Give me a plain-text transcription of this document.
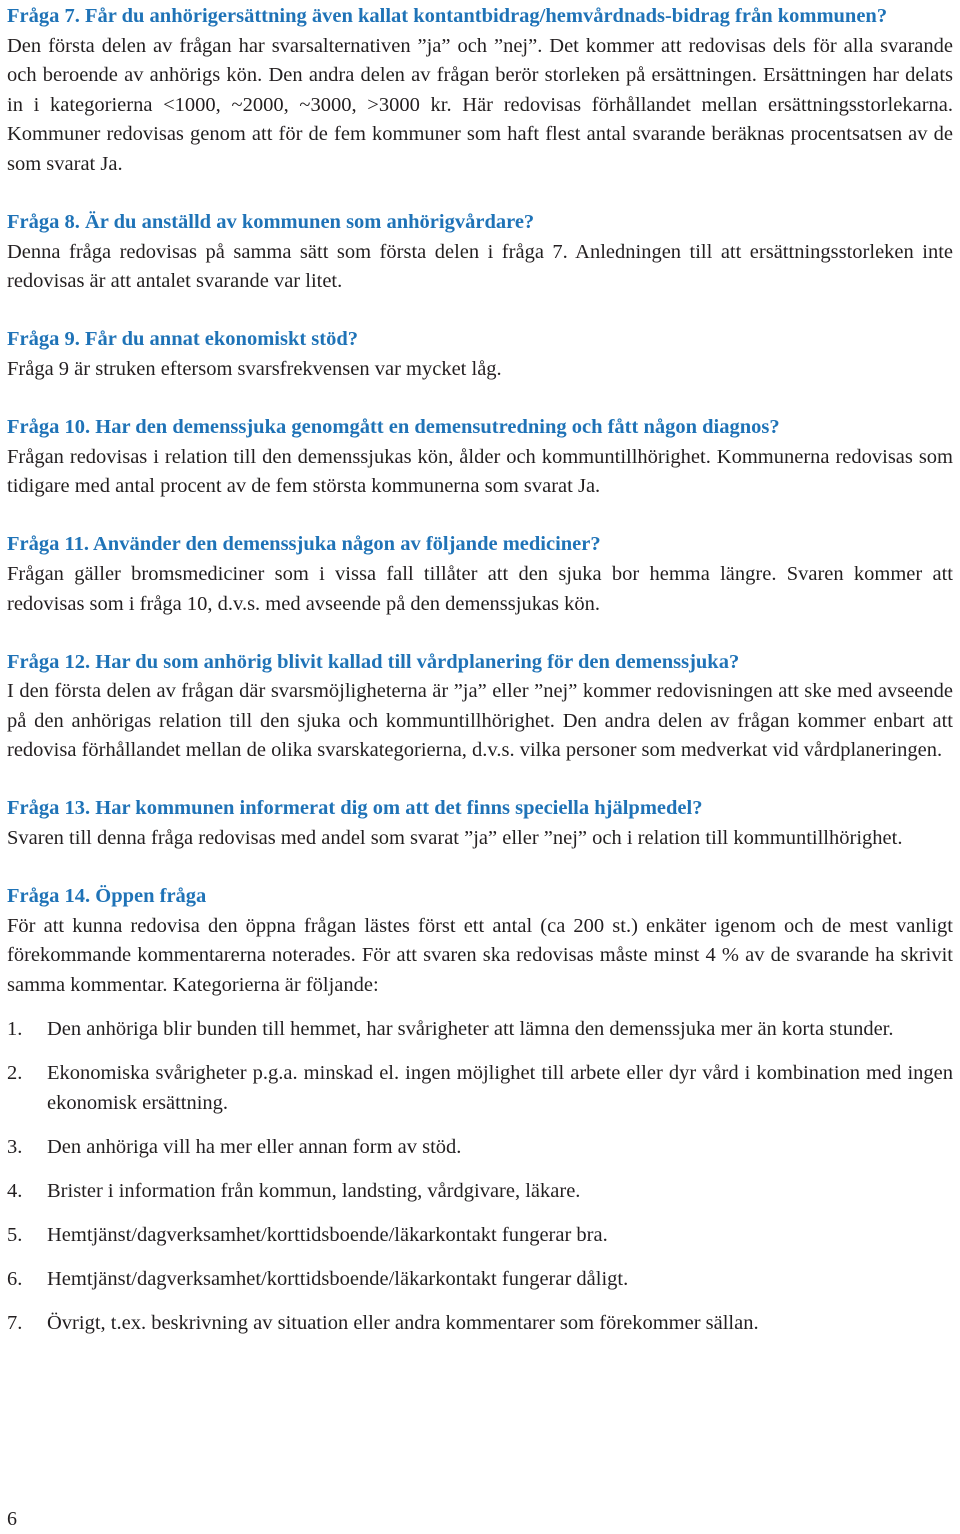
Fråga 7. Får du anhörigersättning även kallat kontantbidrag/hemvårdnads-bidrag från kommunen?

Den första delen av frågan har svarsalternativen ”ja” och ”nej”. Det kommer att redovisas dels för alla svarande och beroende av anhörigs kön. Den andra delen av frågan berör storleken på ersättningen. Ersättningen har delats in i kategorierna <1000, ~2000, ~3000, >3000 kr. Här redovisas förhållandet mellan ersättningsstorlekarna. Kommuner redovisas genom att för de fem kommuner som haft flest antal svarande beräknas procentsatsen av de som svarat Ja.

Fråga 8. Är du anställd av kommunen som anhörigvårdare?

Denna fråga redovisas på samma sätt som första delen i fråga 7. Anledningen till att ersättningsstorleken inte redovisas är att antalet svarande var litet.

Fråga 9. Får du annat ekonomiskt stöd?

Fråga 9 är struken eftersom svarsfrekvensen var mycket låg.

Fråga 10. Har den demenssjuka genomgått en demensutredning och fått någon diagnos?

Frågan redovisas i relation till den demenssjukas kön, ålder och kommuntillhörighet. Kommunerna redovisas som tidigare med antal procent av de fem största kommunerna som svarat Ja.

Fråga 11. Använder den demenssjuka någon av följande mediciner?

Frågan gäller bromsmediciner som i vissa fall tillåter att den sjuka bor hemma längre. Svaren kommer att redovisas som i fråga 10, d.v.s. med avseende på den demenssjukas kön.

Fråga 12. Har du som anhörig blivit kallad till vårdplanering för den demenssjuka?

I den första delen av frågan där svarsmöjligheterna är ”ja” eller ”nej” kommer redovisningen att ske med avseende på den anhörigas relation till den sjuka och kommuntillhörighet. Den andra delen av frågan kommer enbart att redovisa förhållandet mellan de olika svarskategorierna, d.v.s. vilka personer som medverkat vid vårdplaneringen.

Fråga 13. Har kommunen informerat dig om att det finns speciella hjälpmedel?

Svaren till denna fråga redovisas med andel som svarat ”ja” eller ”nej” och i relation till kommuntillhörighet.

Fråga 14. Öppen fråga

För att kunna redovisa den öppna frågan lästes först ett antal (ca 200 st.) enkäter igenom och de mest vanligt förekommande kommentarerna noterades. För att svaren ska redovisas måste minst 4 % av de svarande ha skrivit samma kommentar. Kategorierna är följande:

1. Den anhöriga blir bunden till hemmet, har svårigheter att lämna den demenssjuka mer än korta stunder.
2. Ekonomiska svårigheter p.g.a. minskad el. ingen möjlighet till arbete eller dyr vård i kombination med ingen ekonomisk ersättning.
3. Den anhöriga vill ha mer eller annan form av stöd.
4. Brister i information från kommun, landsting, vårdgivare, läkare.
5. Hemtjänst/dagverksamhet/korttidsboende/läkarkontakt fungerar bra.
6. Hemtjänst/dagverksamhet/korttidsboende/läkarkontakt fungerar dåligt.
7. Övrigt, t.ex. beskrivning av situation eller andra kommentarer som förekommer sällan.
6
